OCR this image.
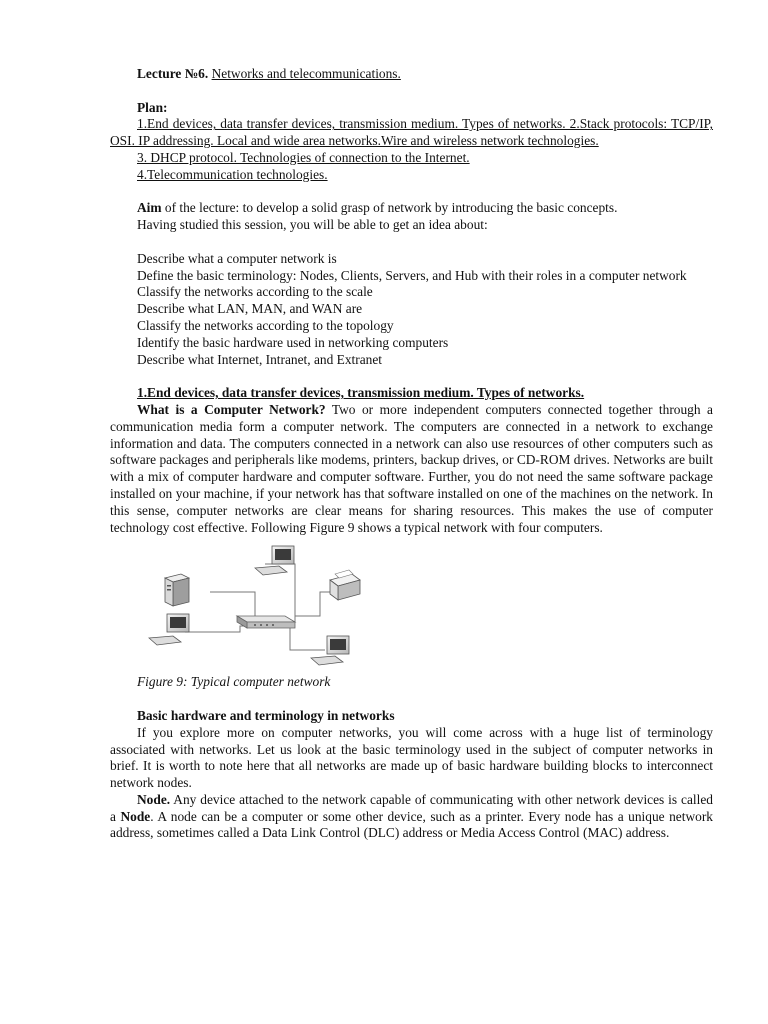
Lecture №6. Networks and telecommunications.

Plan:

1.End devices, data transfer devices, transmission medium. Types of networks. 2.Stack protocols: TCP/IP, OSI. IP addressing. Local and wide area networks.Wire and wireless network technologies.

3. DHCP protocol. Technologies of connection to the Internet.

4.Telecommunication technologies.

Aim of the lecture: to develop a solid grasp of network by introducing the basic concepts.

Having studied this session, you will be able to get an idea about:

Describe what a computer network is

Define the basic terminology: Nodes, Clients, Servers, and Hub with their roles in a computer network

Classify the networks according to the scale

Describe what LAN, MAN, and WAN are

Classify the networks according to the topology

Identify the basic hardware used in networking computers

Describe what Internet, Intranet, and Extranet

1.End devices, data transfer devices, transmission medium. Types of networks.

What is a Computer Network? Two or more independent computers connected together through a communication media form a computer network. The computers are connected in a network to exchange information and data. The computers connected in a network can also use resources of other computers such as software packages and peripherals like modems, printers, backup drives, or CD-ROM drives. Networks are built with a mix of computer hardware and computer software. Further, you do not need the same software package installed on your machine, if your network has that software installed on one of the machines on the network. In this sense, computer networks are clear means for sharing resources. This makes the use of computer technology cost effective. Following Figure 9 shows a typical network with four computers.

Figure 9: Typical computer network

Basic hardware and terminology in networks

If you explore more on computer networks, you will come across with a huge list of terminology associated with networks. Let us look at the basic terminology used in the subject of computer networks in brief. It is worth to note here that all networks are made up of basic hardware building blocks to interconnect network nodes.

Node. Any device attached to the network capable of communicating with other network devices is called a Node. A node can be a computer or some other device, such as a printer. Every node has a unique network address, sometimes called a Data Link Control (DLC) address or Media Access Control (MAC) address.
